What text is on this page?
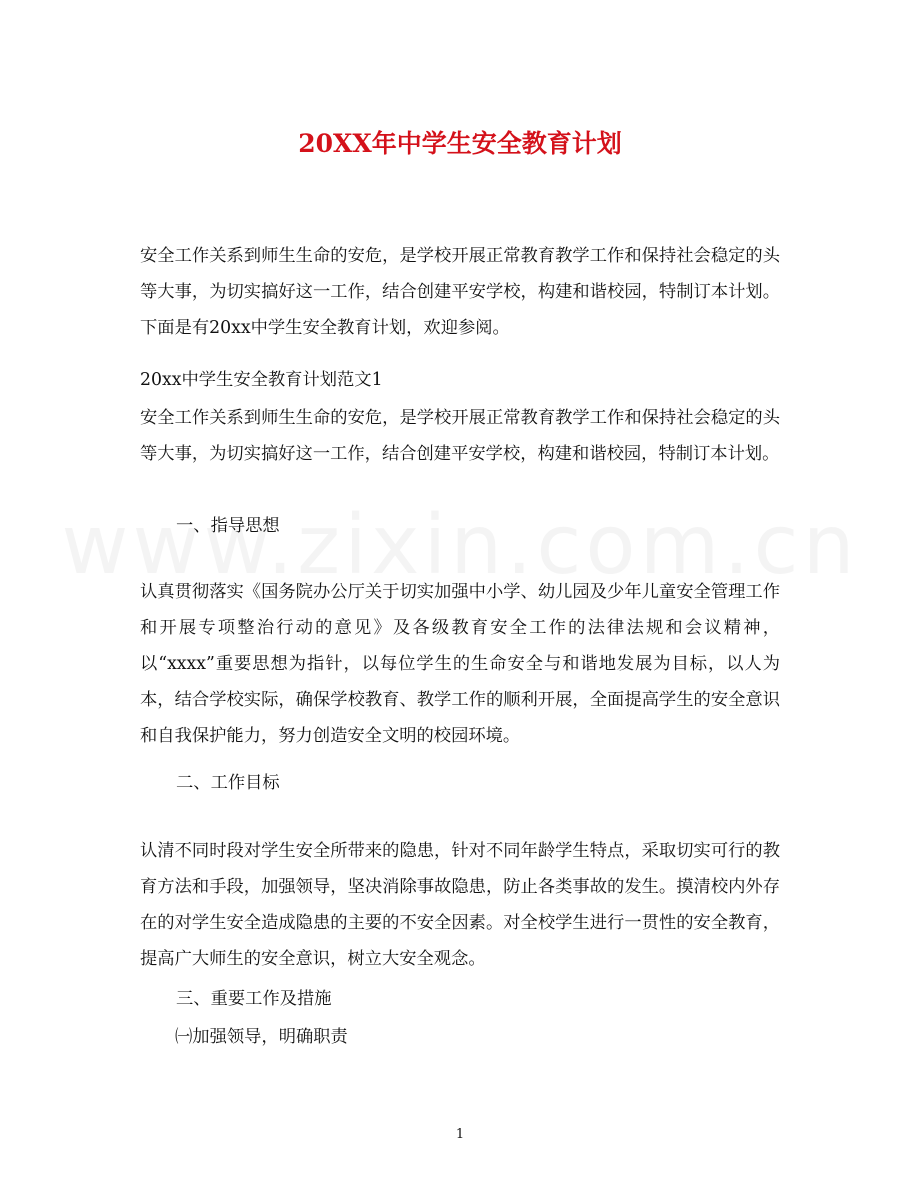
20XX年中学生安全教育计划
安全工作关系到师生生命的安危，是学校开展正常教育教学工作和保持社会稳定的头等大事，为切实搞好这一工作，结合创建平安学校，构建和谐校园，特制订本计划。下面是有20xx中学生安全教育计划，欢迎参阅。
20xx中学生安全教育计划范文1
安全工作关系到师生生命的安危，是学校开展正常教育教学工作和保持社会稳定的头等大事，为切实搞好这一工作，结合创建平安学校，构建和谐校园，特制订本计划。
一、指导思想
认真贯彻落实《国务院办公厅关于切实加强中小学、幼儿园及少年儿童安全管理工作和开展专项整治行动的意见》及各级教育安全工作的法律法规和会议精神，以“xxxx”重要思想为指针，以每位学生的生命安全与和谐地发展为目标，以人为本，结合学校实际，确保学校教育、教学工作的顺利开展，全面提高学生的安全意识和自我保护能力，努力创造安全文明的校园环境。
二、工作目标
认清不同时段对学生安全所带来的隐患，针对不同年龄学生特点，采取切实可行的教育方法和手段，加强领导，坚决消除事故隐患，防止各类事故的发生。摸清校内外存在的对学生安全造成隐患的主要的不安全因素。对全校学生进行一贯性的安全教育，提高广大师生的安全意识，树立大安全观念。
三、重要工作及措施
㈠加强领导，明确职责
1
